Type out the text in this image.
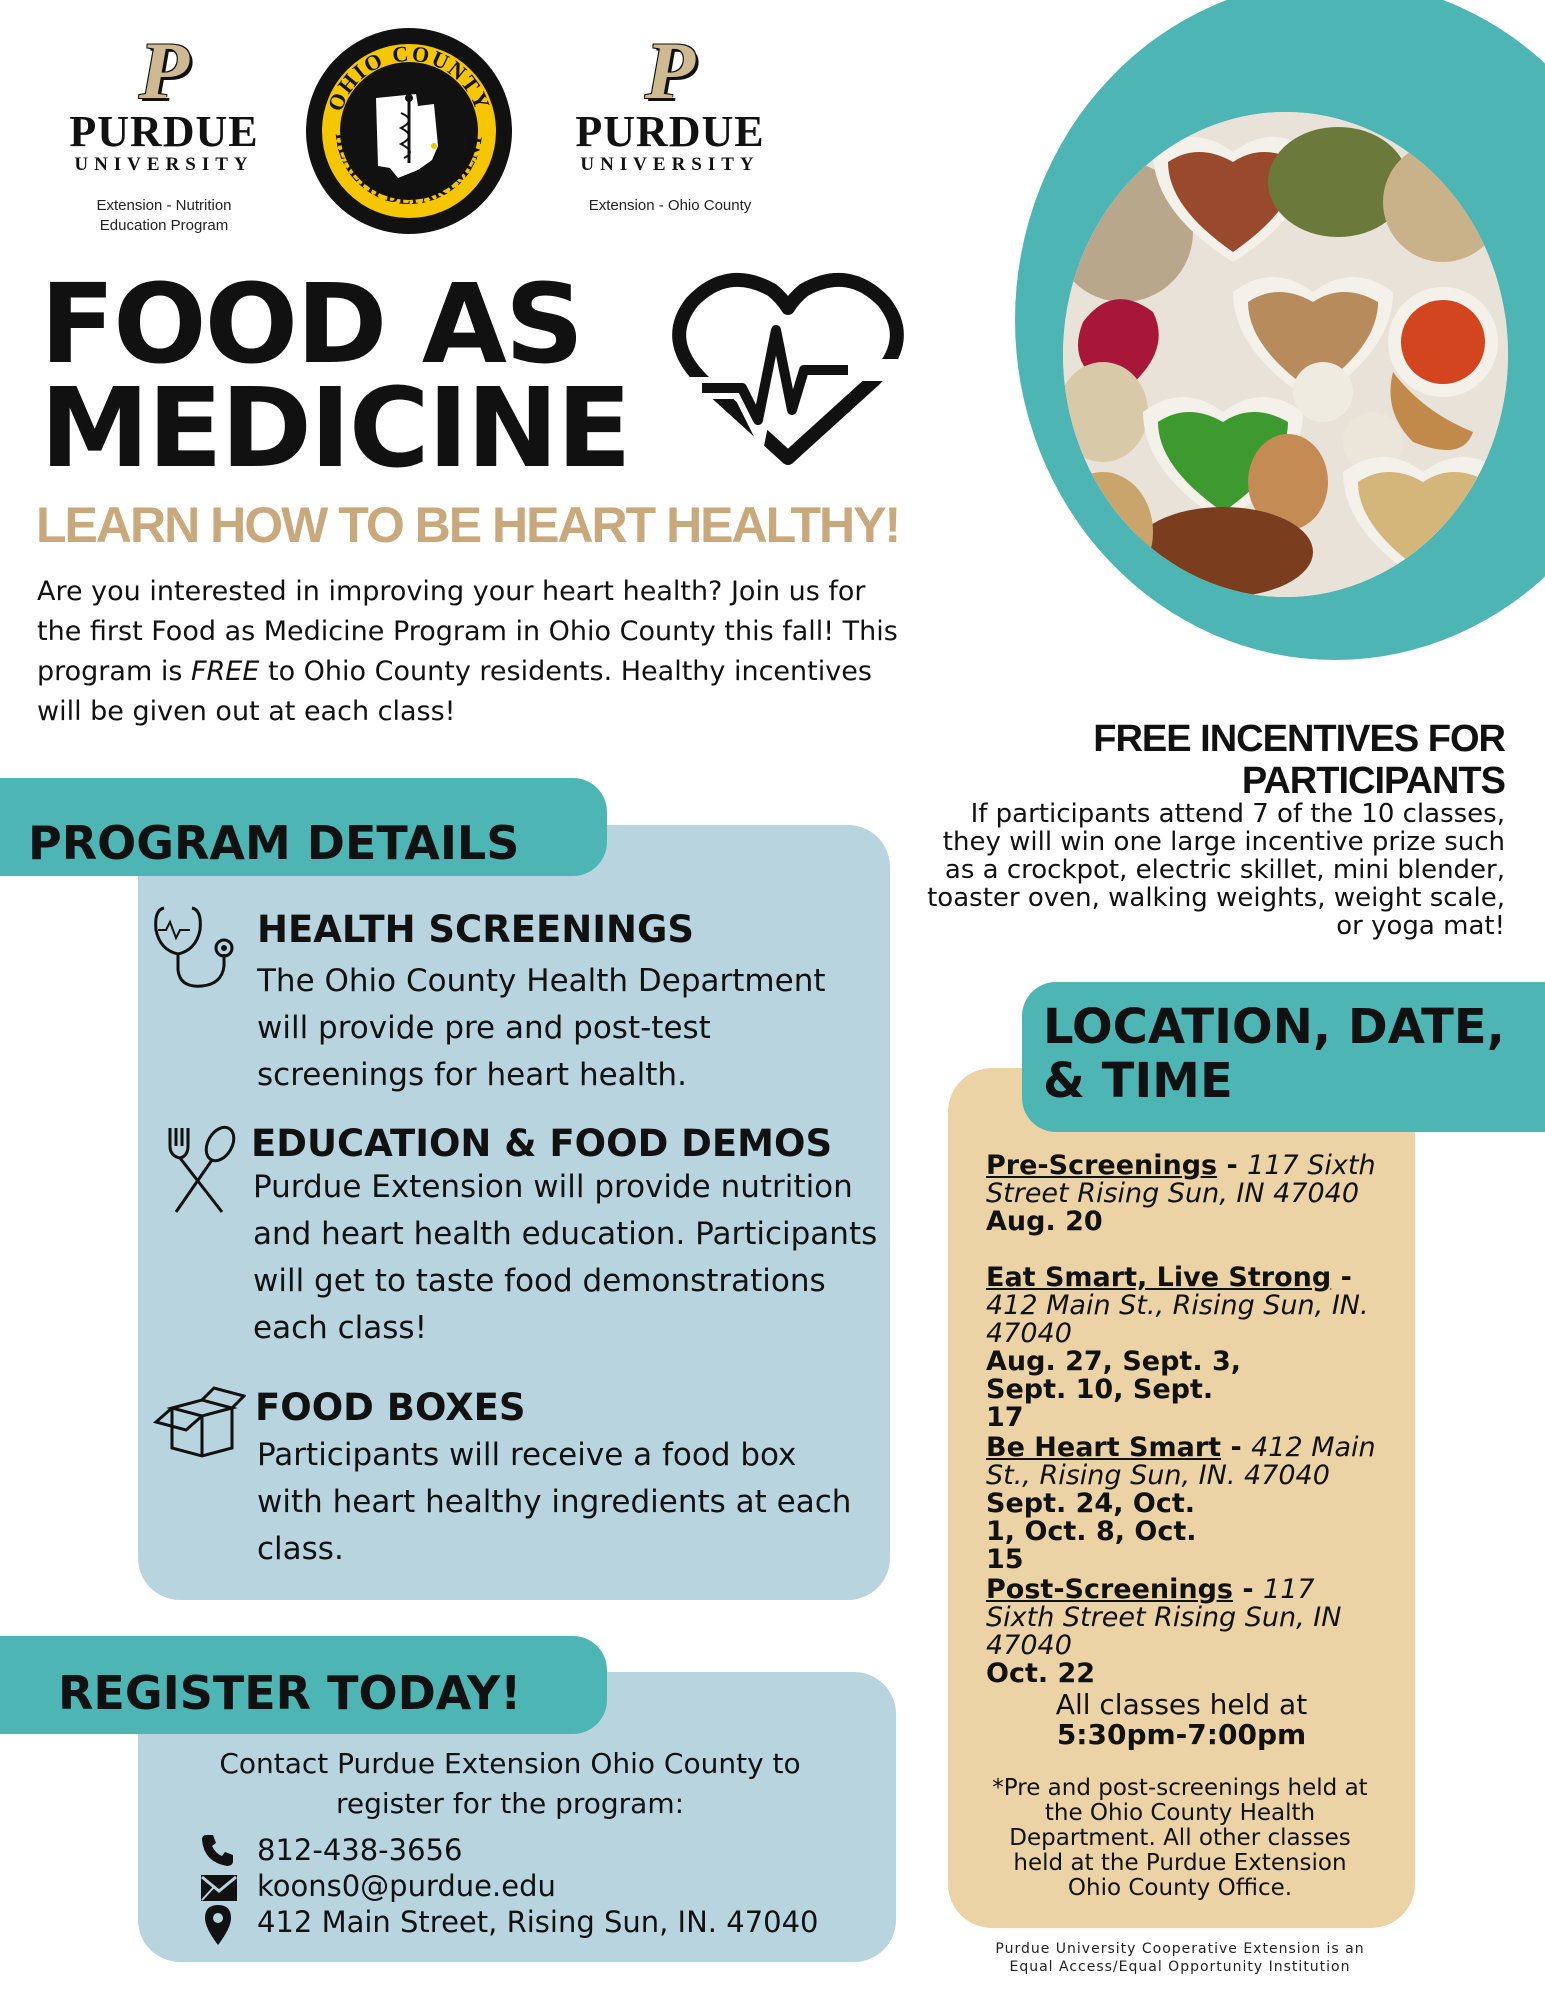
P
PURDUE
UNIVERSITY
Extension - Nutrition
Education Program
OHIO COUNTY
HEALTH DEPARTMENT
P
PURDUE
UNIVERSITY
Extension - Ohio County
FOOD AS
MEDICINE
LEARN HOW TO BE HEART HEALTHY!
Are you interested in improving your heart health? Join us for the first Food as Medicine Program in Ohio County this fall! This program is FREE to Ohio County residents. Healthy incentives will be given out at each class!
FREE INCENTIVES FOR
PARTICIPANTS
If participants attend 7 of the 10 classes, they will win one large incentive prize such as a crockpot, electric skillet, mini blender, toaster oven, walking weights, weight scale, or yoga mat!
PROGRAM DETAILS
HEALTH SCREENINGS
The Ohio County Health Department will provide pre and post-test screenings for heart health.
EDUCATION & FOOD DEMOS
Purdue Extension will provide nutrition and heart health education. Participants will get to taste food demonstrations each class!
FOOD BOXES
Participants will receive a food box with heart healthy ingredients at each class.
REGISTER TODAY!
Contact Purdue Extension Ohio County to register for the program:
812-438-3656
koons0@purdue.edu
412 Main Street, Rising Sun, IN. 47040
LOCATION, DATE,
& TIME
Pre-Screenings - 117 Sixth Street Rising Sun, IN 47040
Aug. 20
Eat Smart, Live Strong - 412 Main St., Rising Sun, IN. 47040
Aug. 27, Sept. 3, Sept. 10, Sept. 17
Be Heart Smart - 412 Main St., Rising Sun, IN. 47040
Sept. 24, Oct. 1, Oct. 8, Oct. 15
Post-Screenings - 117 Sixth Street Rising Sun, IN 47040
Oct. 22
All classes held at
5:30pm-7:00pm
*Pre and post-screenings held at the Ohio County Health Department. All other classes held at the Purdue Extension Ohio County Office.
Purdue University Cooperative Extension is an
Equal Access/Equal Opportunity Institution
